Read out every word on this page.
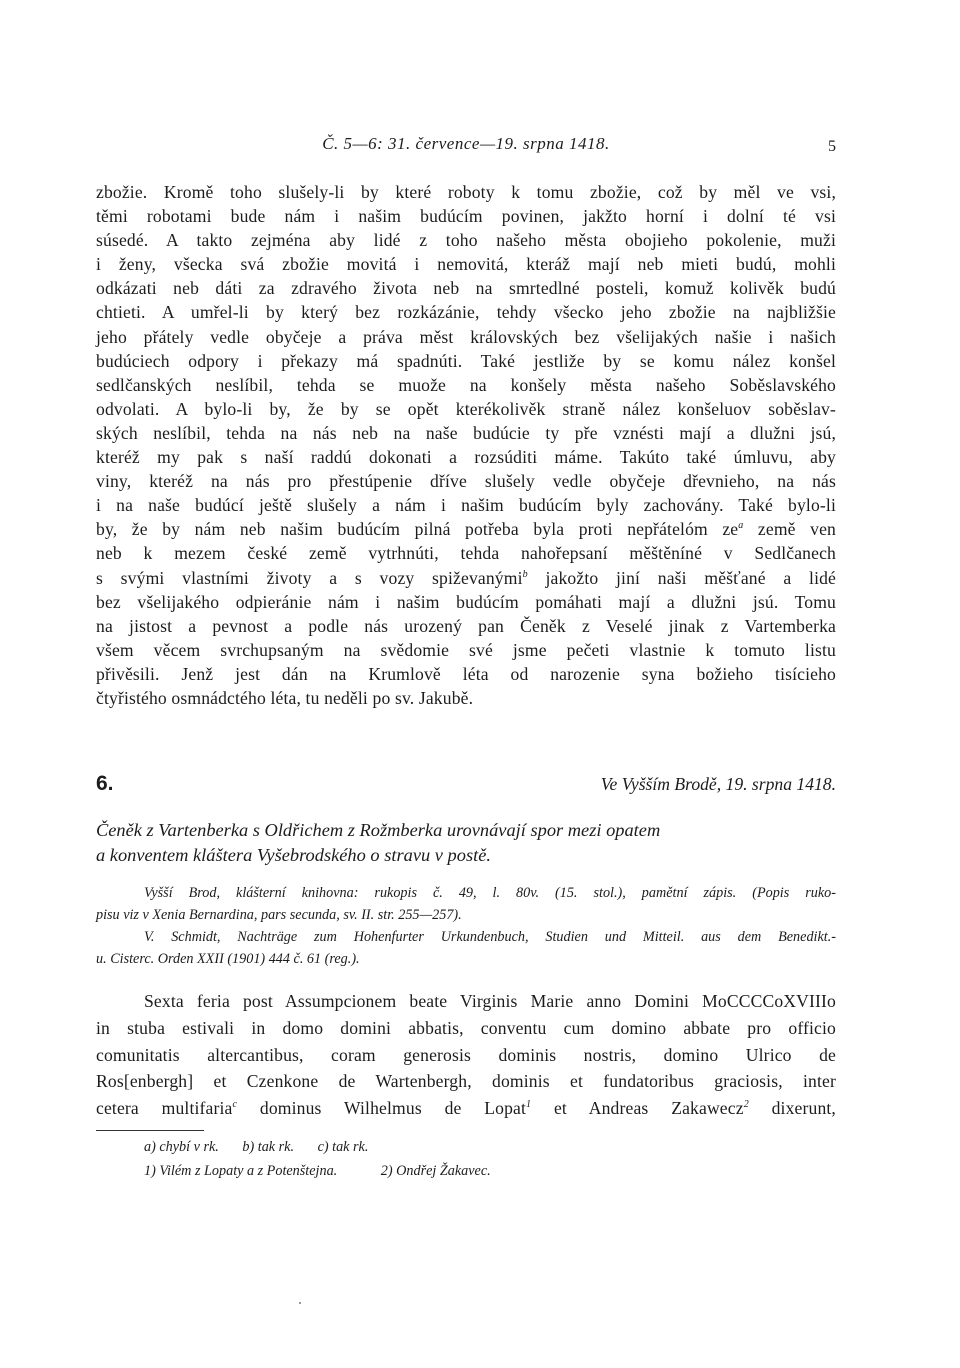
Č. 5—6: 31. července—19. srpna 1418.	5
zbožie. Kromě toho slušely-li by které roboty k tomu zbožie, což by měl ve vsi,
těmi robotami bude nám i našim budúcím povinen, jakžto horní i dolní té vsi
súsedé. A takto zejména aby lidé z toho našeho města obojieho pokolenie, muži
i ženy, všecka svá zbožie movitá i nemovitá, kteráž mají neb mieti budú, mohli
odkázati neb dáti za zdravého života neb na smrtedlné posteli, komuž kolivěk budú
chtieti. A umřel-li by který bez rozkázánie, tehdy všecko jeho zbožie na najbližšie
jeho přátely vedle obyčeje a práva měst královských bez všelijakých našie i našich
budúciech odpory i překazy má spadnúti. Také jestliže by se komu nález konšel
sedlčanských neslíbil, tehda se muože na konšely města našeho Soběslavského
odvolati. A bylo-li by, že by se opět kterékolivěk straně nález konšeluov soběslav-
ských neslíbil, tehda na nás neb na naše budúcie ty pře vznésti mají a dlužni jsú,
kteréž my pak s naší raddú dokonati a rozsúditi máme. Takúto také úmluvu, aby
viny, kteréž na nás pro přestúpenie dříve slušely vedle obyčeje dřevnieho, na nás
i na naše budúcí ještě slušely a nám i našim budúcím byly zachovány. Také bylo-li
by, že by nám neb našim budúcím pilná potřeba byla proti nepřátelóm $ze^a$ země ven
neb k mezem české země vytrhnúti, tehda nahořepsaní měštěníné v Sedlčanech
s svými vlastními životy a s vozy spiževanými$^b$ jakožto jiní naši měšťané a lidé
bez všelijakého odpieránie nám i našim budúcím pomáhati mají a dlužni jsú. Tomu
na jistost a pevnost a podle nás urozený pan Čeněk z Veselé jinak z Vartemberka
všem věcem svrchupsaným na svědomie své jsme pečeti vlastnie k tomuto listu
přivěsili. Jenž jest dán na Krumlově léta od narozenie syna božieho tisícieho
čtyřistého osmnádctého léta, tu neděli po sv. Jakubě.
6.	Ve Vyšším Brodě, 19. srpna 1418.
Čeněk z Vartenberka s Oldřichem z Rožmberka urovnávají spor mezi opatem
a konventem kláštera Vyšebrodského o stravu v postě.
Vyšší Brod, klášterní knihovna: rukopis č. 49, l. 80v. (15. stol.), pamětní zápis. (Popis ruko-
pisu viz v Xenia Bernardina, pars secunda, sv. II. str. 255—257).
V. Schmidt, Nachträge zum Hohenfurter Urkundenbuch, Studien und Mitteil. aus dem Benedikt.-
u. Cisterc. Orden XXII (1901) 444 č. 61 (reg.).
Sexta feria post Assumpcionem beate Virginis Marie anno Domini MoCCCCoXVIIIo
in stuba estivali in domo domini abbatis, conventu cum domino abbate pro officio
comunitatis altercantibus, coram generosis dominis nostris, domino Ulrico de
Ros[enbergh] et Czenkone de Wartenbergh, dominis et fundatoribus graciosis, inter
cetera multifaria$^c$ dominus Wilhelmus de Lopat$^1$ et Andreas Zakawecz$^2$ dixerunt,
a) chybí v rk. b) tak rk. c) tak rk.
1) Vilém z Lopaty a z Potenštejna.	2) Ondřej Žakavec.
